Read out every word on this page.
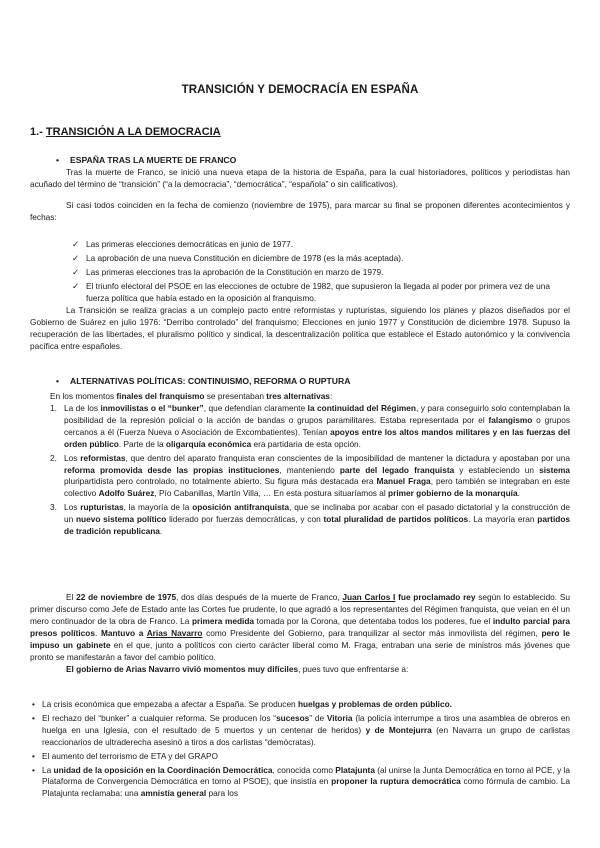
TRANSICIÓN Y DEMOCRACÍA EN ESPAÑA
1.- TRANSICIÓN A LA DEMOCRACIA
• ESPAÑA TRAS LA MUERTE DE FRANCO

Tras la muerte de Franco, se inició una nueva etapa de la historia de España, para la cual historiadores, políticos y periodistas han acuñado del término de “transición” (“a la democracia”, “democrática”, “española” o sin calificativos).

Si casi todos coinciden en la fecha de comienzo (noviembre de 1975), para marcar su final se proponen diferentes acontecimientos y fechas:

✓ Las primeras elecciones democráticas en junio de 1977.
✓ La aprobación de una nueva Constitución en diciembre de 1978 (es la más aceptada).
✓ Las primeras elecciones tras la aprobación de la Constitución en marzo de 1979.
✓ El triunfo electoral del PSOE en las elecciones de octubre de 1982, que supusieron la llegada al poder por primera vez de una fuerza política que había estado en la oposición al franquismo.

La Transición se realiza gracias a un complejo pacto entre reformistas y rupturistas, siguiendo los planes y plazos diseñados por el Gobierno de Suárez en julio 1976: “Derribo controlado” del franquismo; Elecciones en junio 1977 y Constitución de diciembre 1978. Supuso la recuperación de las libertades, el pluralismo político y sindical, la descentralización política que establece el Estado autonómico y la convivencia pacífica entre españoles.

• ALTERNATIVAS POLÍTICAS: CONTINUISMO, REFORMA O RUPTURA

En los momentos finales del franquismo se presentaban tres alternativas:

1. La de los inmovilistas o el “bunker”, que defendían claramente la continuidad del Régimen, y para conseguirlo solo contemplaban la posibilidad de la represión policial o la acción de bandas o grupos paramilitares. Estaba representada por el falangismo o grupos cercanos a él (Fuerza Nueva o Asociación de Excombatientes). Tenían apoyos entre los altos mandos militares y en las fuerzas del orden público. Parte de la oligarquía económica era partidaria de esta opción.
2. Los reformistas, que dentro del aparato franquista eran conscientes de la imposibilidad de mantener la dictadura y apostaban por una reforma promovida desde las propias instituciones, manteniendo parte del legado franquista y estableciendo un sistema pluripartidista pero controlado, no totalmente abierto. Su figura más destacada era Manuel Fraga, pero también se integraban en este colectivo Adolfo Suárez, Pío Cabanillas, Martín Villa, … En esta postura situaríamos al primer gobierno de la monarquía.
3. Los rupturistas, la mayoría de la oposición antifranquista, que se inclinaba por acabar con el pasado dictatorial y la construcción de un nuevo sistema político liderado por fuerzas democráticas, y con total pluralidad de partidos políticos. La mayoría eran partidos de tradición republicana.

El 22 de noviembre de 1975, dos días después de la muerte de Franco, Juan Carlos I fue proclamado rey según lo establecido. Su primer discurso como Jefe de Estado ante las Cortes fue prudente, lo que agradó a los representantes del Régimen franquista, que veían en él un mero continuador de la obra de Franco. La primera medida tomada por la Corona, que detentaba todos los poderes, fue el indulto parcial para presos políticos. Mantuvo a Arias Navarro como Presidente del Gobierno, para tranquilizar al sector más inmovilista del régimen, pero le impuso un gabinete en el que, junto a políticos con cierto carácter liberal como M. Fraga, entraban una serie de ministros más jóvenes que pronto se manifestarán a favor del cambio político.

El gobierno de Arias Navarro vivió momentos muy difíciles, pues tuvo que enfrentarse a:

• La crisis económica que empezaba a afectar a España. Se producen huelgas y problemas de orden público.
• El rechazo del “bunker” a cualquier reforma. Se producen los “sucesos” de Vitoria (la policía interrumpe a tiros una asamblea de obreros en huelga en una Iglesia, con el resultado de 5 muertos y un centenar de heridos) y de Montejurra (en Navarra un grupo de carlistas reaccionarios de ultraderecha asesinó a tiros a dos carlistas “demócratas).
• El aumento del terrorismo de ETA y del GRAPO
• La unidad de la oposición en la Coordinación Democrática, conocida como Platajunta (al unirse la Junta Democrática en torno al PCE, y la Plataforma de Convergencia Democrática en torno al PSOE), que insistía en proponer la ruptura democrática como fórmula de cambio. La Platajunta reclamaba: una amnistía general para los
